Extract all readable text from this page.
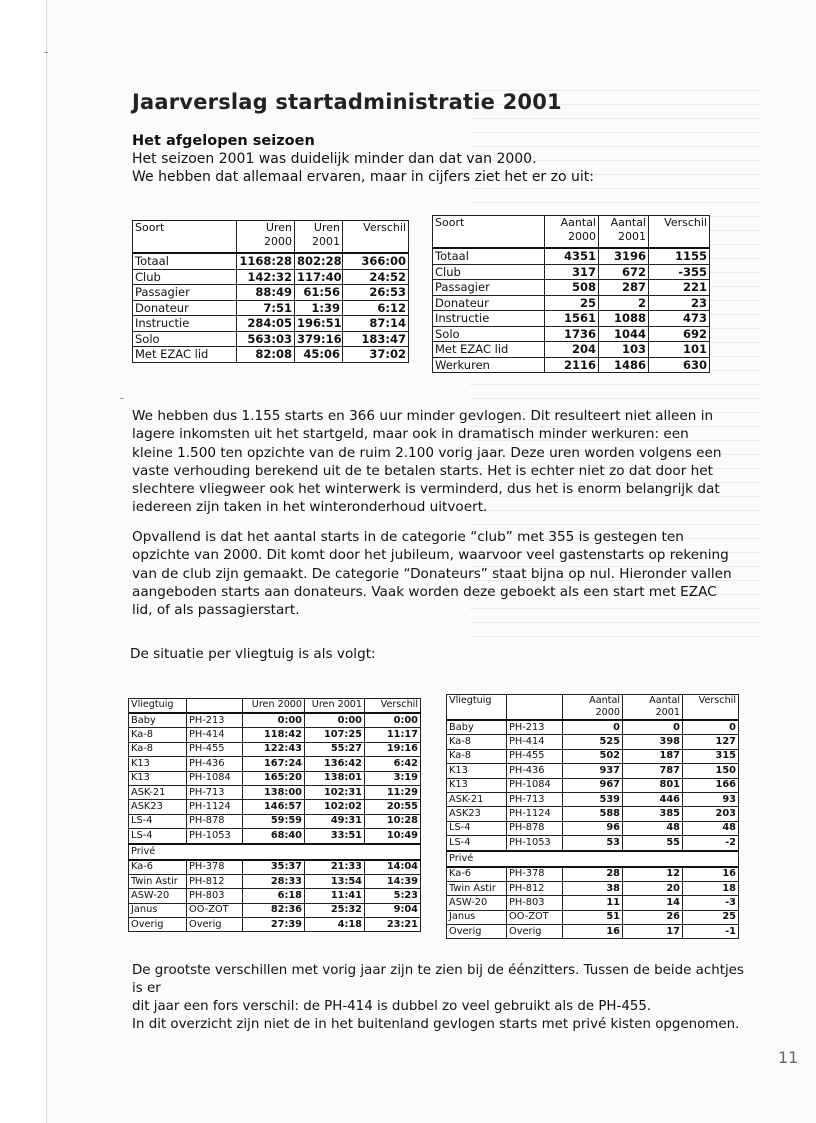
Jaarverslag startadministratie 2001
Het afgelopen seizoen

Het seizoen 2001 was duidelijk minder dan dat van 2000.

We hebben dat allemaal ervaren, maar in cijfers ziet het er zo uit:

Soort	Uren 2000	Uren 2001	Verschil
Totaal	1168:28	802:28	366:00
Club	142:32	117:40	24:52
Passagier	88:49	61:56	26:53
Donateur	7:51	1:39	6:12
Instructie	284:05	196:51	87:14
Solo	563:03	379:16	183:47
Met EZAC lid	82:08	45:06	37:02
Soort	Aantal 2000	Aantal 2001	Verschil
Totaal	4351	3196	1155
Club	317	672	-355
Passagier	508	287	221
Donateur	25	2	23
Instructie	1561	1088	473
Solo	1736	1044	692
Met EZAC lid	204	103	101
Werkuren	2116	1486	630

We hebben dus 1.155 starts en 366 uur minder gevlogen. Dit resulteert niet alleen in lagere inkomsten uit het startgeld, maar ook in dramatisch minder werkuren: een kleine 1.500 ten opzichte van de ruim 2.100 vorig jaar. Deze uren worden volgens een vaste verhouding berekend uit de te betalen starts. Het is echter niet zo dat door het slechtere vliegweer ook het winterwerk is verminderd, dus het is enorm belangrijk dat iedereen zijn taken in het winteronderhoud uitvoert.

Opvallend is dat het aantal starts in de categorie “club” met 355 is gestegen ten opzichte van 2000. Dit komt door het jubileum, waarvoor veel gastenstarts op rekening van de club zijn gemaakt. De categorie “Donateurs” staat bijna op nul. Hieronder vallen aangeboden starts aan donateurs. Vaak worden deze geboekt als een start met EZAC lid, of als passagierstart.

De situatie per vliegtuig is als volgt:

Vliegtuig		Uren 2000	Uren 2001	Verschil
Baby	PH-213	0:00	0:00	0:00
Ka-8	PH-414	118:42	107:25	11:17
Ka-8	PH-455	122:43	55:27	19:16
K13	PH-436	167:24	136:42	6:42
K13	PH-1084	165:20	138:01	3:19
ASK-21	PH-713	138:00	102:31	11:29
ASK23	PH-1124	146:57	102:02	20:55
LS-4	PH-878	59:59	49:31	10:28
LS-4	PH-1053	68:40	33:51	10:49
Privé				
Ka-6	PH-378	35:37	21:33	14:04
Twin Astir	PH-812	28:33	13:54	14:39
ASW-20	PH-803	6:18	11:41	5:23
Janus	OO-ZOT	82:36	25:32	9:04
Overig	Overig	27:39	4:18	23:21
Vliegtuig		Aantal 2000	Aantal 2001	Verschil
Baby	PH-213	0	0	0
Ka-8	PH-414	525	398	127
Ka-8	PH-455	502	187	315
K13	PH-436	937	787	150
K13	PH-1084	967	801	166
ASK-21	PH-713	539	446	93
ASK23	PH-1124	588	385	203
LS-4	PH-878	96	48	48
LS-4	PH-1053	53	55	-2
Privé				
Ka-6	PH-378	28	12	16
Twin Astir	PH-812	38	20	18
ASW-20	PH-803	11	14	-3
Janus	OO-ZOT	51	26	25
Overig	Overig	16	17	-1

De grootste verschillen met vorig jaar zijn te zien bij de éénzitters. Tussen de beide achtjes is er

dit jaar een fors verschil: de PH-414 is dubbel zo veel gebruikt als de PH-455.

In dit overzicht zijn niet de in het buitenland gevlogen starts met privé kisten opgenomen.

11
